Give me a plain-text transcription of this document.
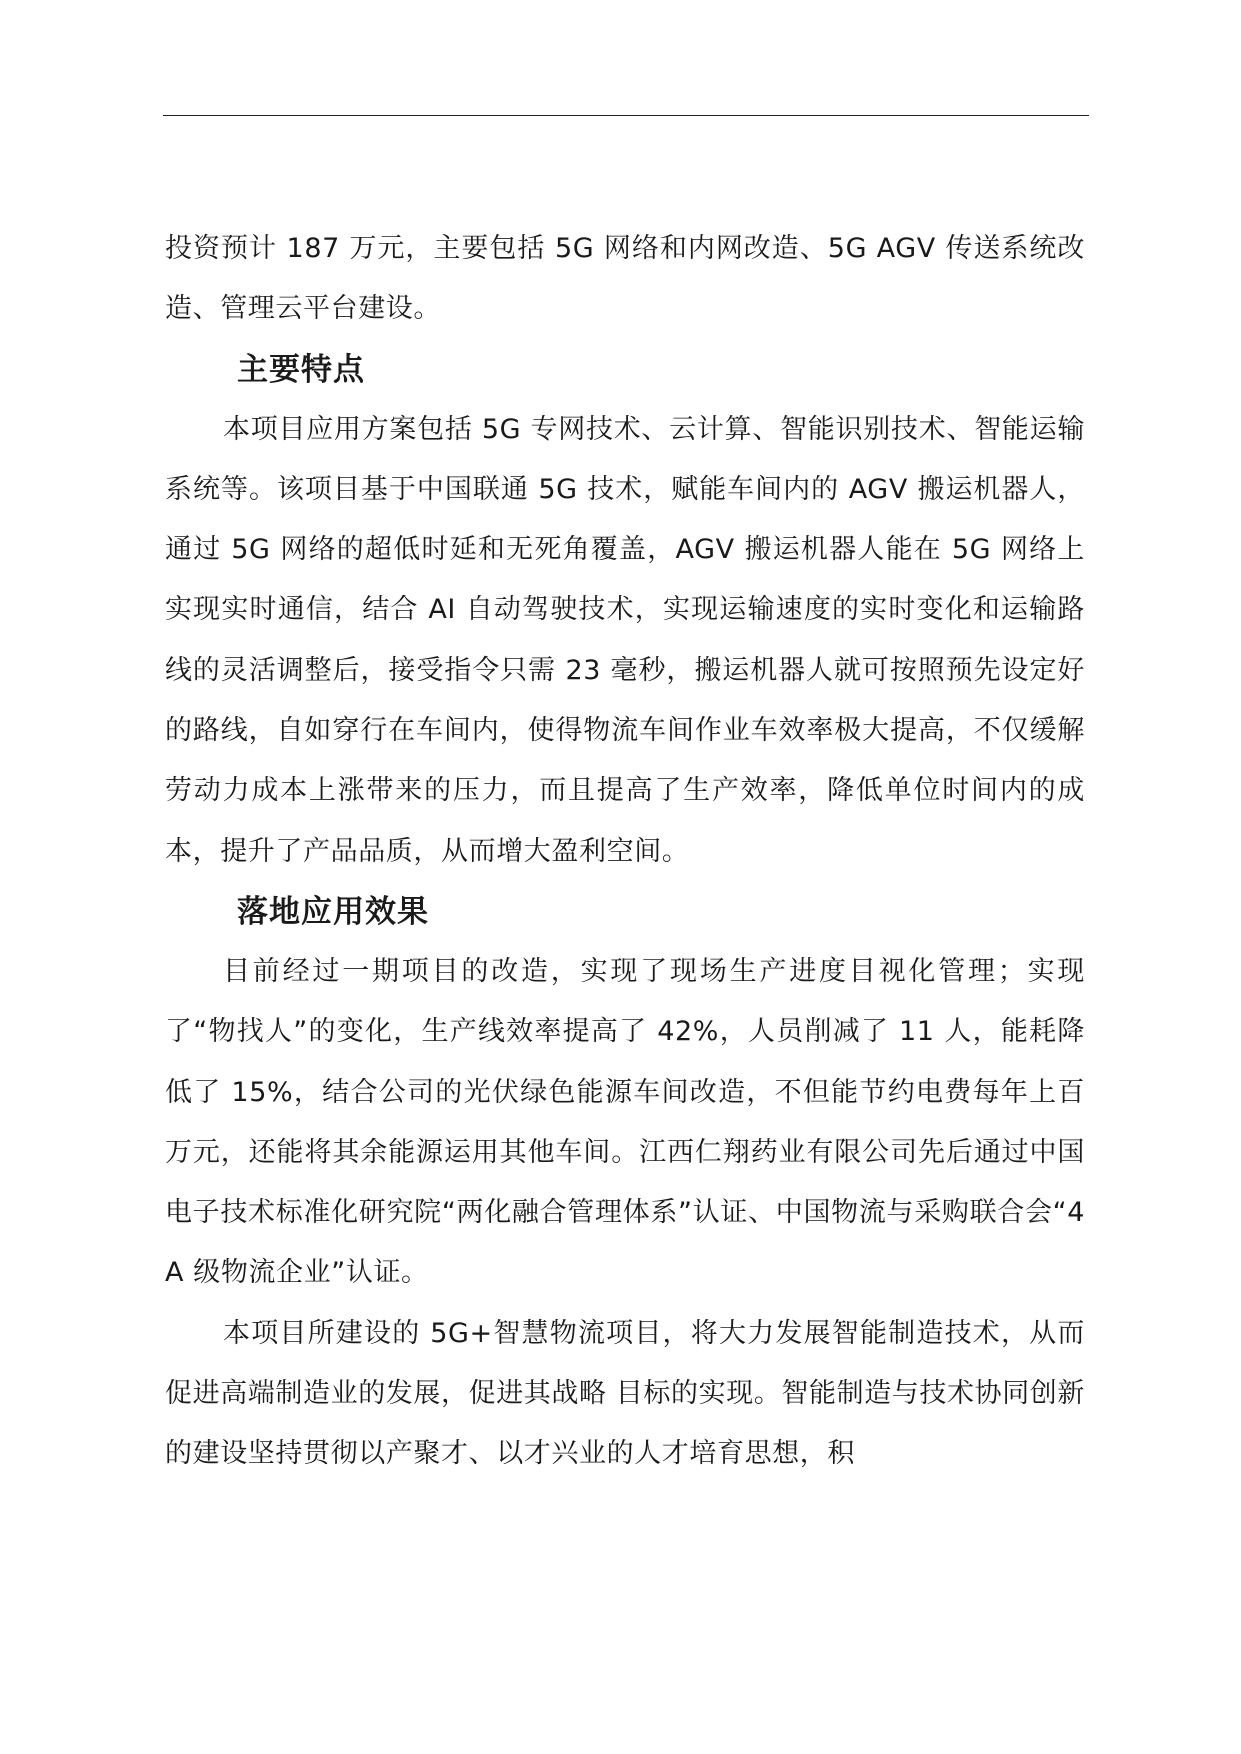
投资预计 187 万元，主要包括 5G 网络和内网改造、5G AGV 传送系统改造、管理云平台建设。

主要特点

本项目应用方案包括 5G 专网技术、云计算、智能识别技术、智能运输系统等。该项目基于中国联通 5G 技术，赋能车间内的 AGV 搬运机器人，通过 5G 网络的超低时延和无死角覆盖，AGV 搬运机器人能在 5G 网络上实现实时通信，结合 AI 自动驾驶技术，实现运输速度的实时变化和运输路线的灵活调整后，接受指令只需 23 毫秒，搬运机器人就可按照预先设定好的路线，自如穿行在车间内，使得物流车间作业车效率极大提高，不仅缓解劳动力成本上涨带来的压力，而且提高了生产效率，降低单位时间内的成本，提升了产品品质，从而增大盈利空间。

落地应用效果

目前经过一期项目的改造，实现了现场生产进度目视化管理；实现了“物找人”的变化，生产线效率提高了 42%，人员削减了 11 人，能耗降低了 15%，结合公司的光伏绿色能源车间改造，不但能节约电费每年上百万元，还能将其余能源运用其他车间。江西仁翔药业有限公司先后通过中国电子技术标准化研究院“两化融合管理体系”认证、中国物流与采购联合会“4A 级物流企业”认证。

本项目所建设的 5G+智慧物流项目，将大力发展智能制造技术，从而促进高端制造业的发展，促进其战略 目标的实现。智能制造与技术协同创新的建设坚持贯彻以产聚才、以才兴业的人才培育思想，积
